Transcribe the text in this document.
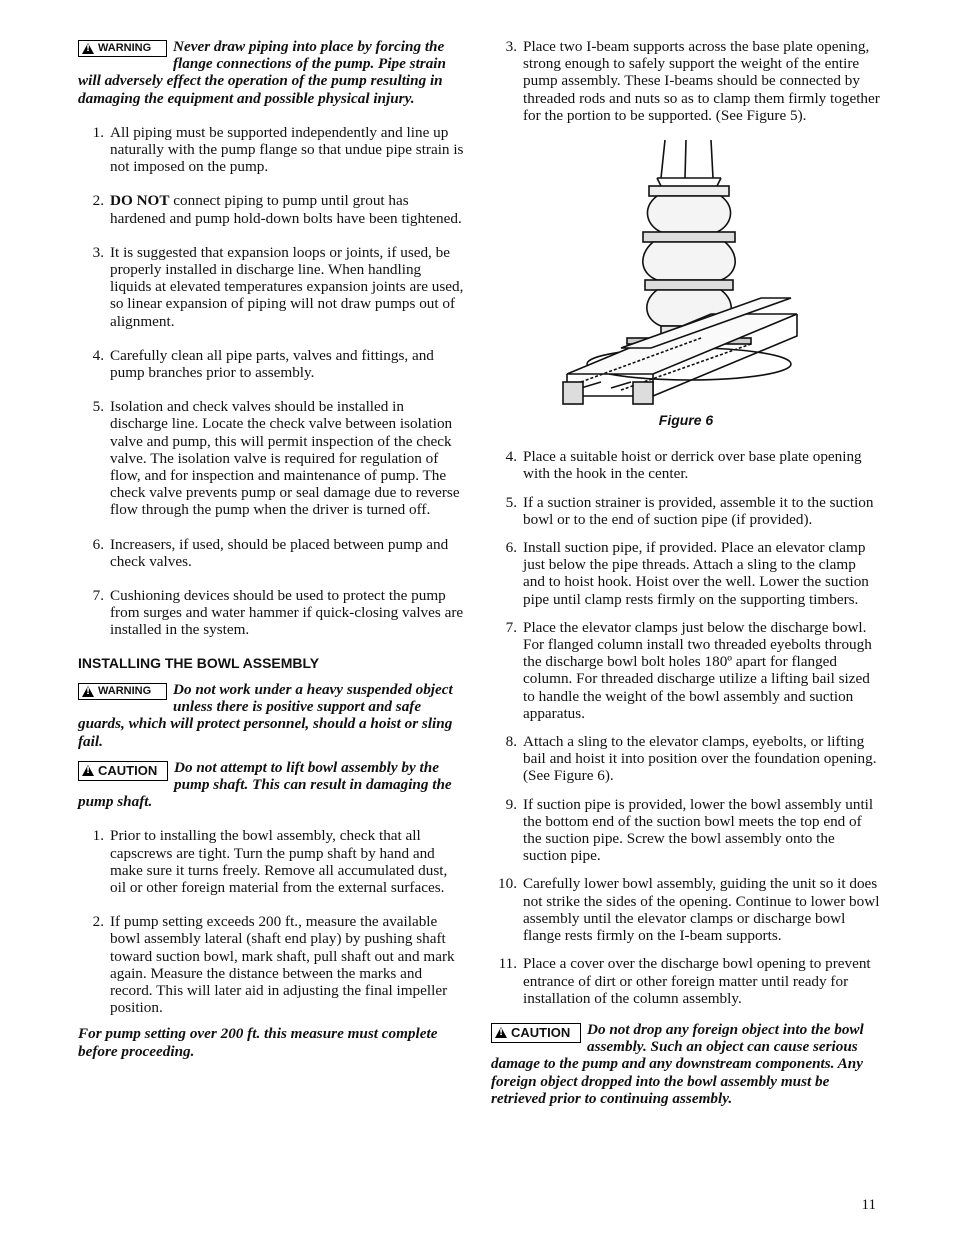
!
WARNING Never draw piping into place by forcing the flange connections of the pump. Pipe strain will adversely effect the operation of the pump resulting in damaging the equipment and possible physical injury.

1. All piping must be supported independently and line up naturally with the pump flange so that undue pipe strain is not imposed on the pump.
2. DO NOT connect piping to pump until grout has hardened and pump hold-down bolts have been tightened.
3. It is suggested that expansion loops or joints, if used, be properly installed in discharge line. When handling liquids at elevated temperatures expansion joints are used, so linear expansion of piping will not draw pumps out of alignment.
4. Carefully clean all pipe parts, valves and fittings, and pump branches prior to assembly.
5. Isolation and check valves should be installed in discharge line. Locate the check valve between isolation valve and pump, this will permit inspection of the check valve. The isolation valve is required for regulation of flow, and for inspection and maintenance of pump. The check valve prevents pump or seal damage due to reverse flow through the pump when the driver is turned off.
6. Increasers, if used, should be placed between pump and check valves.
7. Cushioning devices should be used to protect the pump from surges and water hammer if quick-closing valves are installed in the system.

INSTALLING THE BOWL ASSEMBLY

!
WARNING Do not work under a heavy suspended object unless there is positive support and safe guards, which will protect personnel, should a hoist or sling fail.

!
CAUTION Do not attempt to lift bowl assembly by the pump shaft. This can result in damaging the pump shaft.

1. Prior to installing the bowl assembly, check that all capscrews are tight. Turn the pump shaft by hand and make sure it turns freely. Remove all accumulated dust, oil or other foreign material from the external surfaces.
2. If pump setting exceeds 200 ft., measure the available bowl assembly lateral (shaft end play) by pushing shaft toward suction bowl, mark shaft, pull shaft out and mark again. Measure the distance between the marks and record. This will later aid in adjusting the final impeller position.

For pump setting over 200 ft. this measure must complete before proceeding.

3. Place two I-beam supports across the base plate opening, strong enough to safely support the weight of the entire pump assembly. These I-beams should be connected by threaded rods and nuts so as to clamp them firmly together for the portion to be supported. (See Figure 5).
Figure 6
4. Place a suitable hoist or derrick over base plate opening with the hook in the center.
5. If a suction strainer is provided, assemble it to the suction bowl or to the end of suction pipe (if provided).
6. Install suction pipe, if provided. Place an elevator clamp just below the pipe threads. Attach a sling to the clamp and to hoist hook. Hoist over the well. Lower the suction pipe until clamp rests firmly on the supporting timbers.
7. Place the elevator clamps just below the discharge bowl. For flanged column install two threaded eyebolts through the discharge bowl bolt holes 180º apart for flanged column. For threaded discharge utilize a lifting bail sized to handle the weight of the bowl assembly and suction apparatus.
8. Attach a sling to the elevator clamps, eyebolts, or lifting bail and hoist it into position over the foundation opening. (See Figure 6).
9. If suction pipe is provided, lower the bowl assembly until the bottom end of the suction bowl meets the top end of the suction pipe. Screw the bowl assembly onto the suction pipe.
10. Carefully lower bowl assembly, guiding the unit so it does not strike the sides of the opening. Continue to lower bowl assembly until the elevator clamps or discharge bowl flange rests firmly on the I-beam supports.
11. Place a cover over the discharge bowl opening to prevent entrance of dirt or other foreign matter until ready for installation of the column assembly.

!
CAUTION Do not drop any foreign object into the bowl assembly. Such an object can cause serious damage to the pump and any downstream components. Any foreign object dropped into the bowl assembly must be retrieved prior to continuing assembly.

11
